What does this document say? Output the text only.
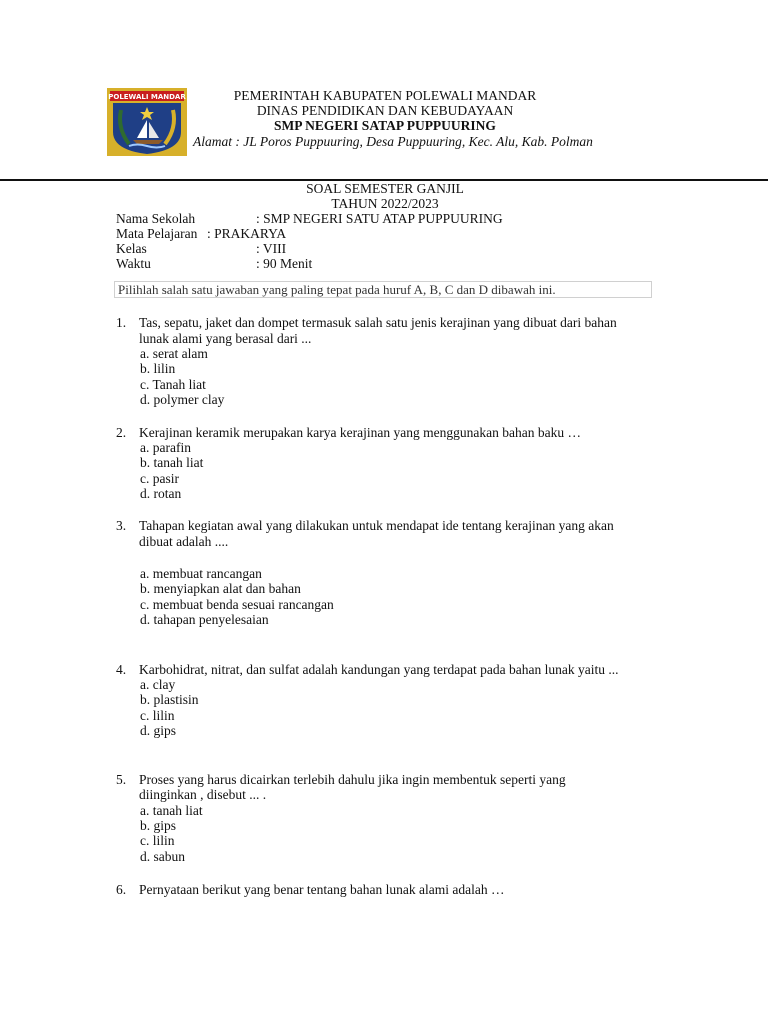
POLEWALI MANDAR	PEMERINTAH KABUPATEN POLEWALI MANDAR
DINAS PENDIDIKAN DAN KEBUDAYAAN
SMP NEGERI SATAP PUPPUURING
Alamat : JL Poros Puppuuring, Desa Puppuuring, Kec. Alu, Kab. Polman
SOAL SEMESTER GANJIL
TAHUN 2022/2023
Nama Sekolah	: SMP NEGERI SATU ATAP PUPPUURING
Mata Pelajaran : PRAKARYA
Kelas	: VIII
Waktu	: 90 Menit
Pilihlah salah satu jawaban yang paling tepat pada huruf A, B, C dan D dibawah ini.
1. Tas, sepatu, jaket dan dompet termasuk salah satu jenis kerajinan yang dibuat dari bahan
lunak alami yang berasal dari ...
a. serat alam
b. lilin
c. Tanah liat
d. polymer clay
2. Kerajinan keramik merupakan karya kerajinan yang menggunakan bahan baku …
a. parafin
b. tanah liat
c. pasir
d. rotan
3. Tahapan kegiatan awal yang dilakukan untuk mendapat ide tentang kerajinan yang akan
dibuat adalah ....
a. membuat rancangan
b. menyiapkan alat dan bahan
c. membuat benda sesuai rancangan
d. tahapan penyelesaian
4. Karbohidrat, nitrat, dan sulfat adalah kandungan yang terdapat pada bahan lunak yaitu ...
a. clay
b. plastisin
c. lilin
d. gips
5. Proses yang harus dicairkan terlebih dahulu jika ingin membentuk seperti yang
diinginkan , disebut ... .
a. tanah liat
b. gips
c. lilin
d. sabun
6. Pernyataan berikut yang benar tentang bahan lunak alami adalah …
